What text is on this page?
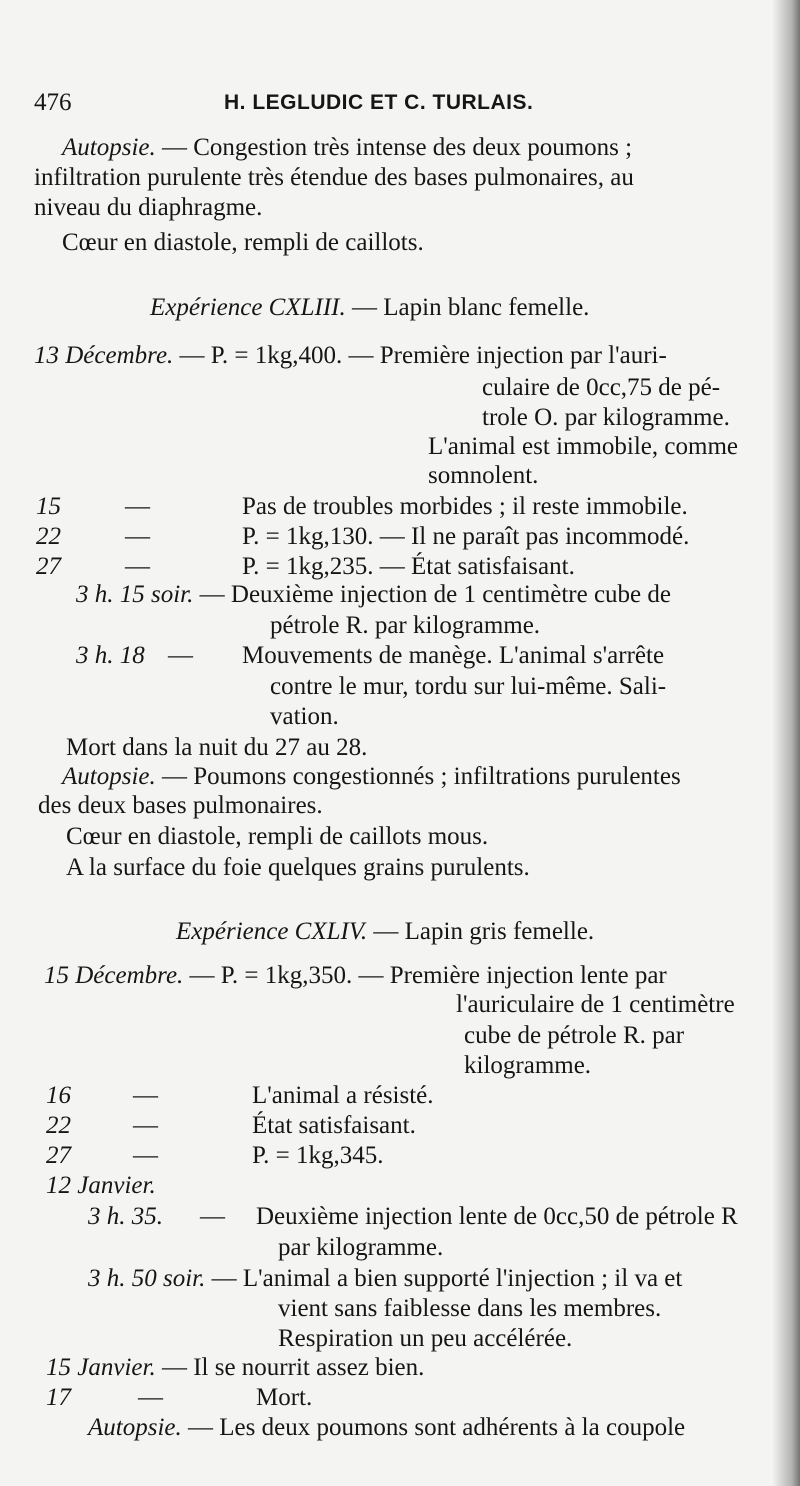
476	H. LEGLUDIC ET C. TURLAIS.
Autopsie. — Congestion très intense des deux poumons ;
infiltration purulente très étendue des bases pulmonaires, au
niveau du diaphragme.
Cœur en diastole, rempli de caillots.
Expérience CXLIII. — Lapin blanc femelle.
13 Décembre. — P. = 1kg,400. — Première injection par l'auri-
culaire de 0cc,75 de pé-
trole O. par kilogramme.
L'animal est immobile, comme
somnolent.
15	—	Pas de troubles morbides ; il reste immobile.
22	—	P. = 1kg,130. — Il ne paraît pas incommodé.
27	—	P. = 1kg,235. — État satisfaisant.
3 h. 15 soir. — Deuxième injection de 1 centimètre cube de
pétrole R. par kilogramme.
3 h. 18 — Mouvements de manège. L'animal s'arrête
contre le mur, tordu sur lui-même. Sali-
vation.
Mort dans la nuit du 27 au 28.
Autopsie. — Poumons congestionnés ; infiltrations purulentes
des deux bases pulmonaires.
Cœur en diastole, rempli de caillots mous.
A la surface du foie quelques grains purulents.
Expérience CXLIV. — Lapin gris femelle.
15 Décembre. — P. = 1kg,350. — Première injection lente par
l'auriculaire de 1 centimètre
cube de pétrole R. par
kilogramme.
16 —	L'animal a résisté.
22 —	État satisfaisant.
27 —	P. = 1kg,345.
12 Janvier.
3 h. 35. — Deuxième injection lente de 0cc,50 de pétrole R
par kilogramme.
3 h. 50 soir. — L'animal a bien supporté l'injection ; il va et
vient sans faiblesse dans les membres.
Respiration un peu accélérée.
15 Janvier. — Il se nourrit assez bien.
17	—	Mort.
Autopsie. — Les deux poumons sont adhérents à la coupole
